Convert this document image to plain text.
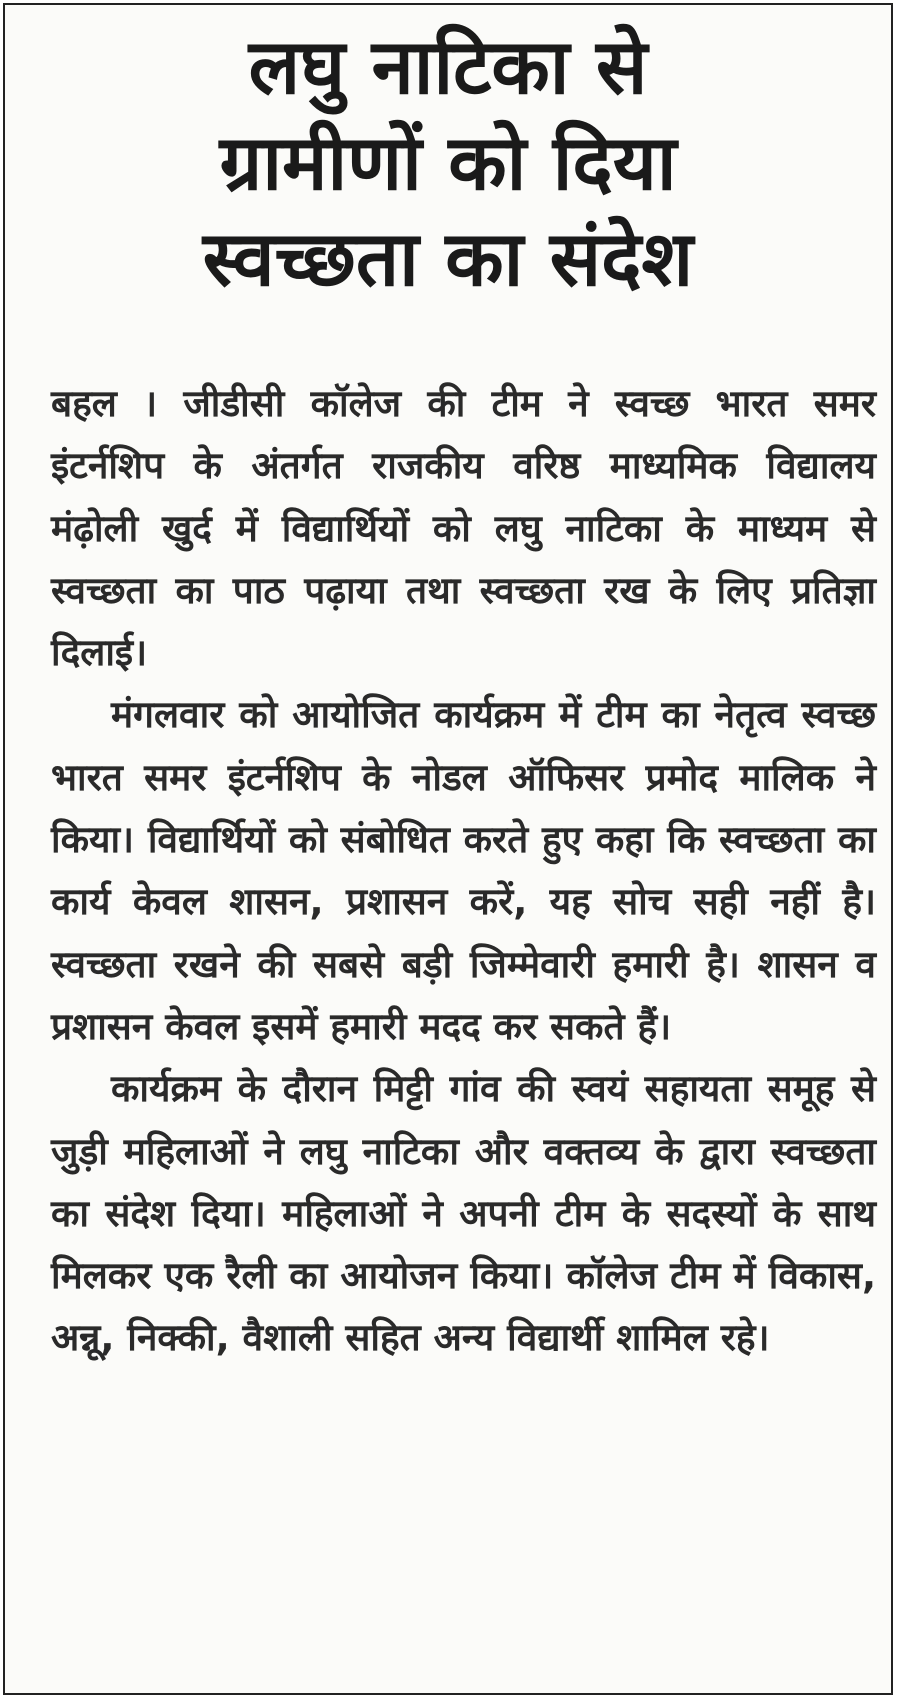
लघु नाटिका से
ग्रामीणों को दिया
स्वच्छता का संदेश

बहल । जीडीसी कॉलेज की टीम ने स्वच्छ भारत समर इंटर्नशिप के अंतर्गत राजकीय वरिष्ठ माध्यमिक विद्यालय मंढ़ोली खुर्द में विद्यार्थियों को लघु नाटिका के माध्यम से स्वच्छता का पाठ पढ़ाया तथा स्वच्छता रख के लिए प्रतिज्ञा दिलाई।

मंगलवार को आयोजित कार्यक्रम में टीम का नेतृत्व स्वच्छ भारत समर इंटर्नशिप के नोडल ऑफिसर प्रमोद मालिक ने किया। विद्यार्थियों को संबोधित करते हुए कहा कि स्वच्छता का कार्य केवल शासन, प्रशासन करें, यह सोच सही नहीं है। स्वच्छता रखने की सबसे बड़ी जिम्मेवारी हमारी है। शासन व प्रशासन केवल इसमें हमारी मदद कर सकते हैं।

कार्यक्रम के दौरान मिट्टी गांव की स्वयं सहायता समूह से जुड़ी महिलाओं ने लघु नाटिका और वक्तव्य के द्वारा स्वच्छता का संदेश दिया। महिलाओं ने अपनी टीम के सदस्यों के साथ मिलकर एक रैली का आयोजन किया। कॉलेज टीम में विकास, अन्नू, निक्की, वैशाली सहित अन्य विद्यार्थी शामिल रहे।
